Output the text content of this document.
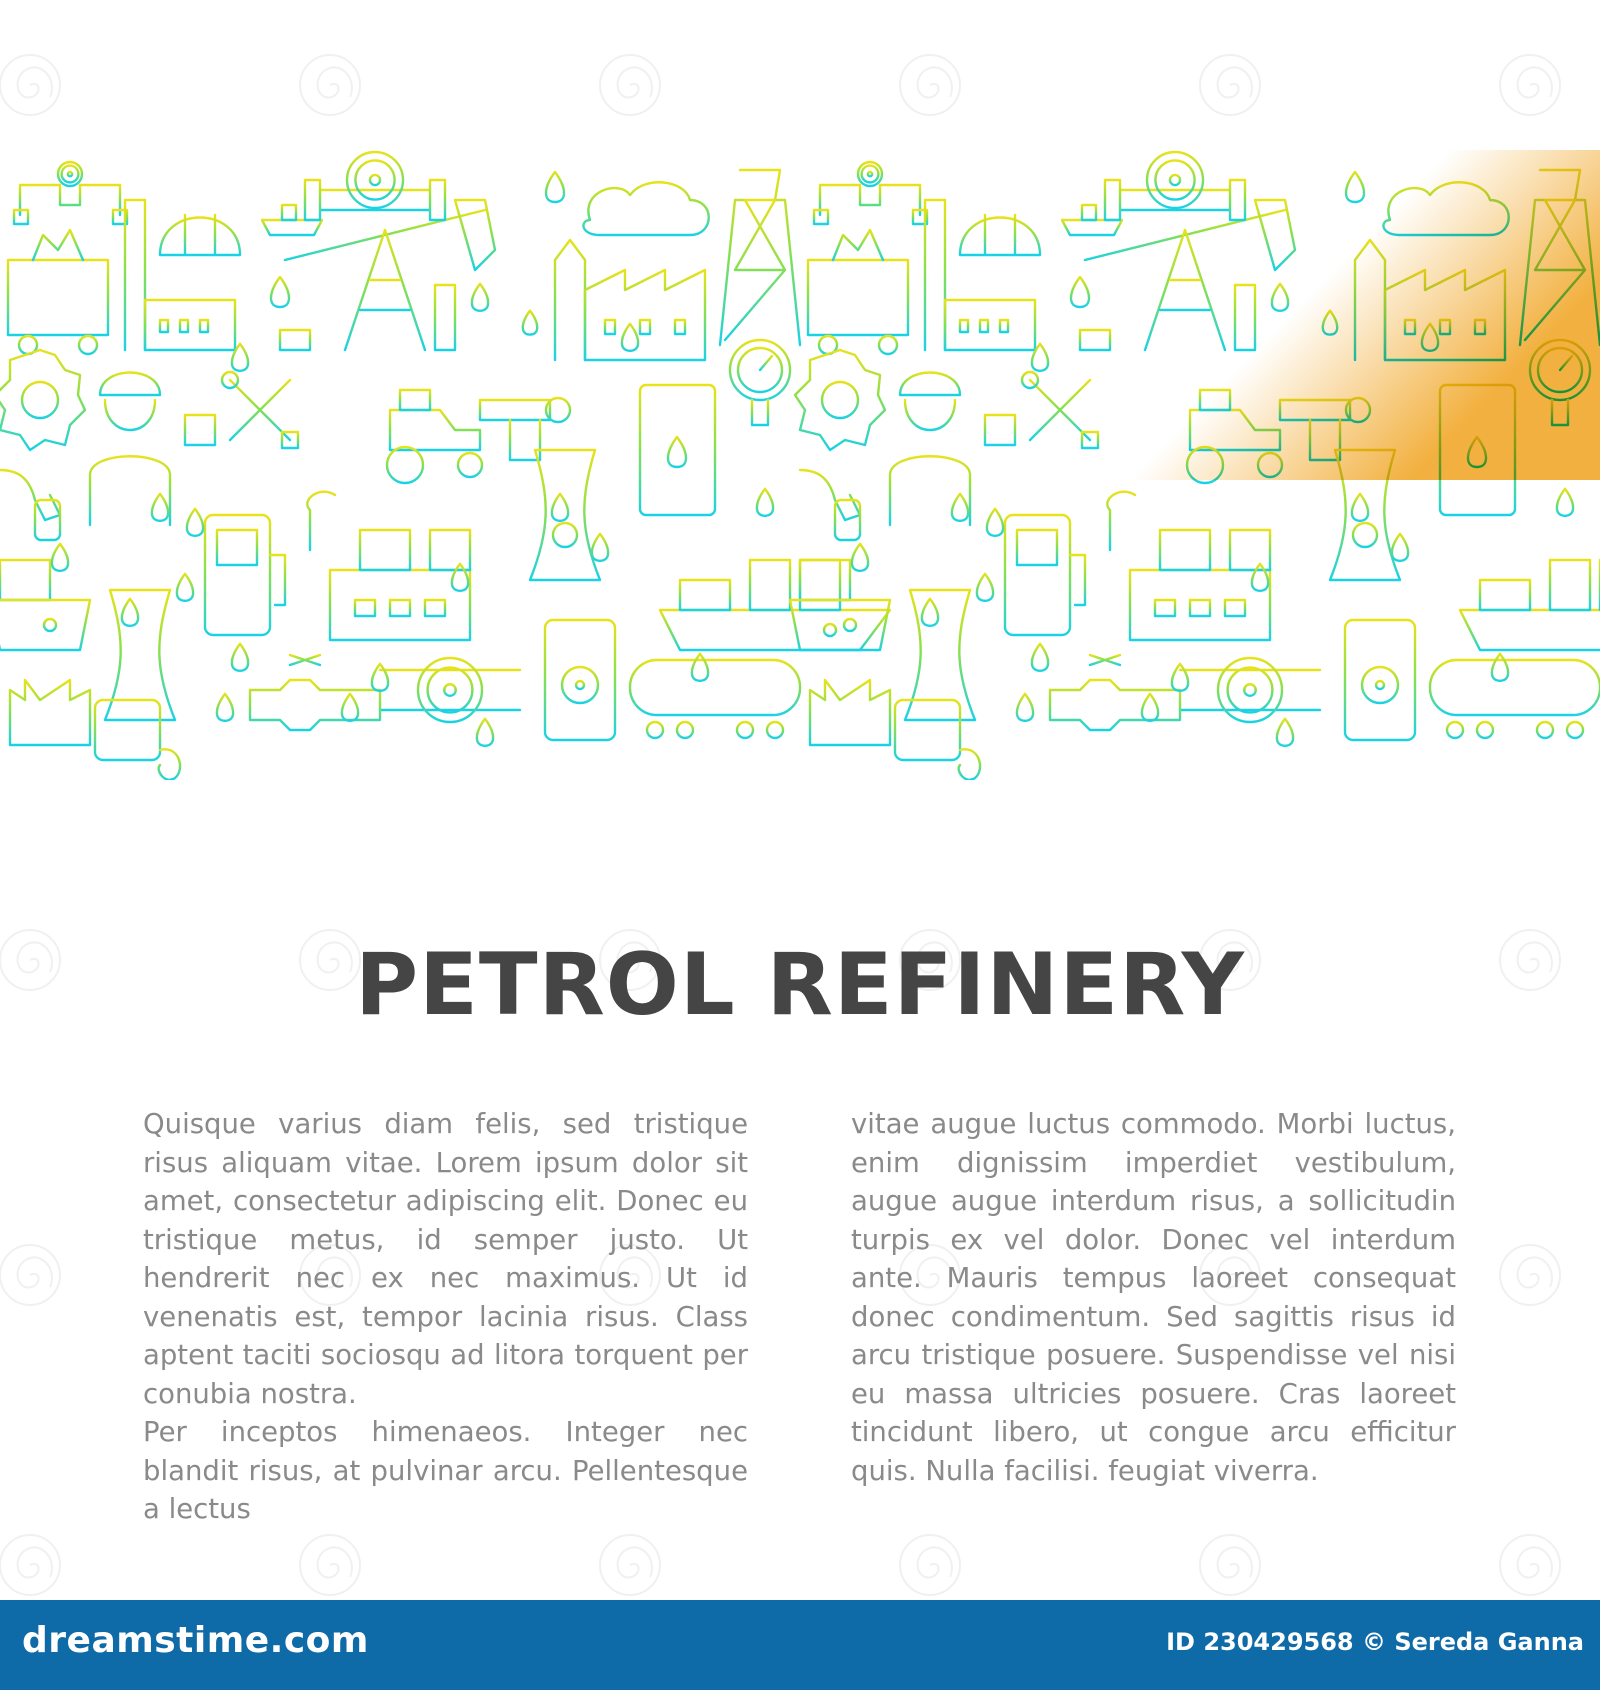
PETROL REFINERY

Quisque varius diam felis, sed tristique risus aliquam vitae. Lorem ipsum dolor sit amet, consectetur adipiscing elit. Donec eu tristique metus, id semper justo. Ut hendrerit nec ex nec maximus. Ut id venenatis est, tempor lacinia risus. Class aptent taciti sociosqu ad litora torquent per conubia nostra.

Per inceptos himenaeos. Integer nec blandit risus, at pulvinar arcu. Pellentesque a lectus

vitae augue luctus commodo. Morbi luctus, enim dignissim imperdiet vestibulum, augue augue interdum risus, a sollicitudin turpis ex vel dolor. Donec vel interdum ante. Mauris tempus laoreet consequat donec condimentum. Sed sagittis risus id arcu tristique posuere. Suspendisse vel nisi eu massa ultricies posuere. Cras laoreet tincidunt libero, ut congue arcu efficitur quis. Nulla facilisi. feugiat viverra.

dreamstime.com	ID 230429568 © Sereda Ganna
